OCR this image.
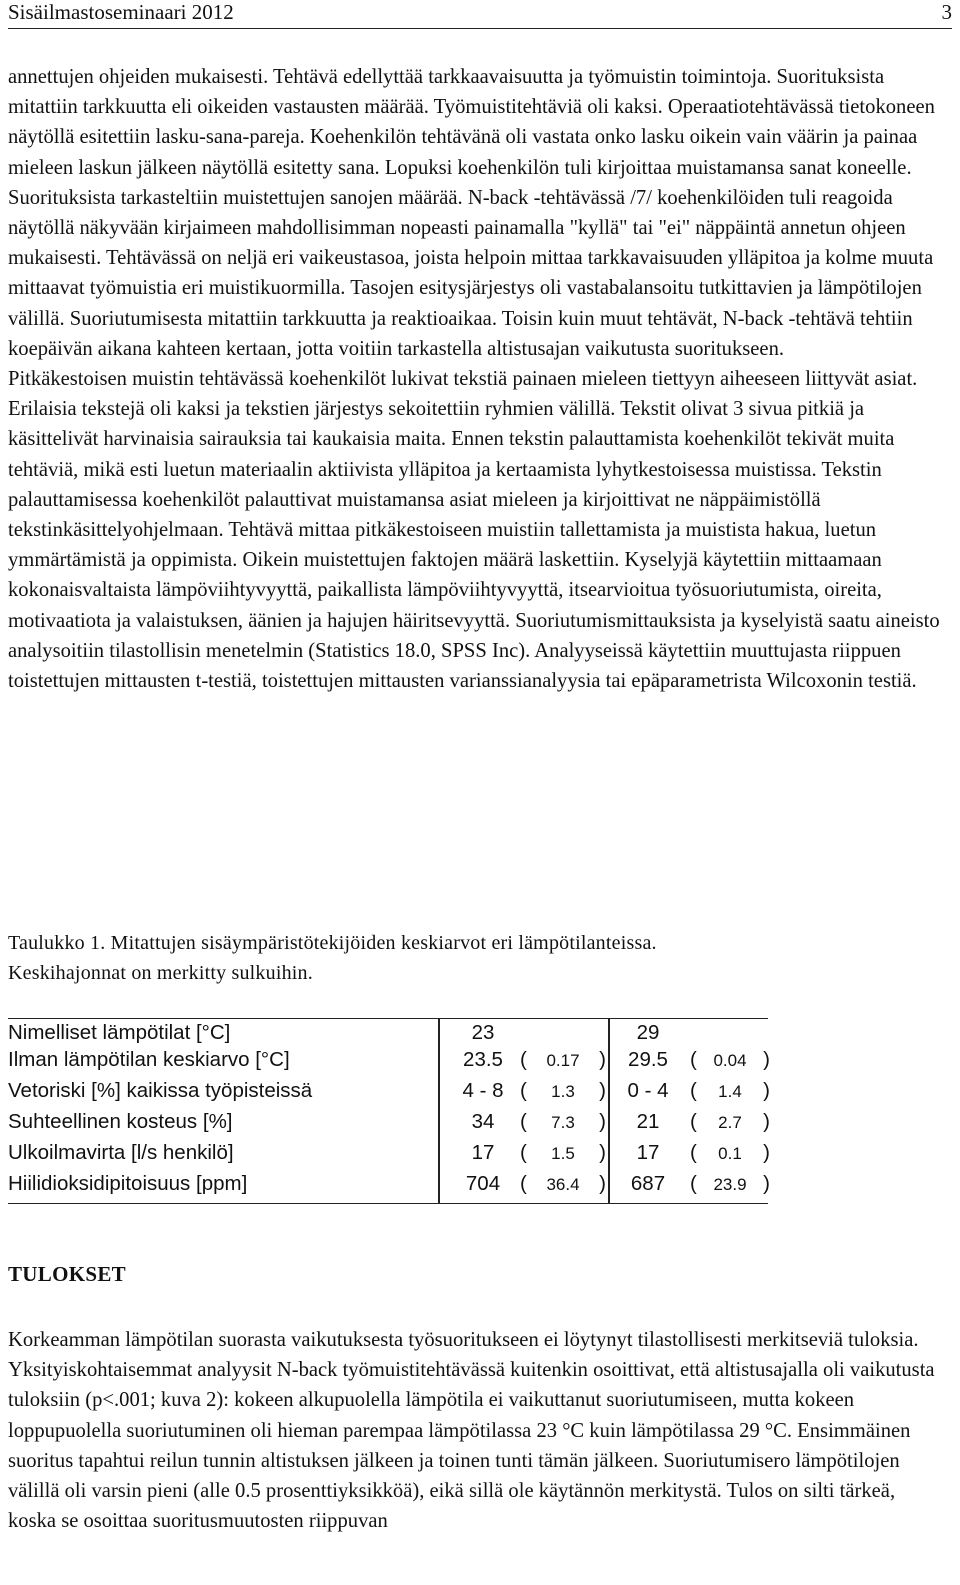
Sisäilmastoseminaari 2012	3

annettujen ohjeiden mukaisesti. Tehtävä edellyttää tarkkaavaisuutta ja työmuistin toimintoja. Suorituksista mitattiin tarkkuutta eli oikeiden vastausten määrää. Työmuistitehtäviä oli kaksi. Operaatiotehtävässä tietokoneen näytöllä esitettiin lasku-sana-pareja. Koehenkilön tehtävänä oli vastata onko lasku oikein vain väärin ja painaa mieleen laskun jälkeen näytöllä esitetty sana. Lopuksi koehenkilön tuli kirjoittaa muistamansa sanat koneelle. Suorituksista tarkasteltiin muistettujen sanojen määrää. N-back -tehtävässä /7/ koehenkilöiden tuli reagoida näytöllä näkyvään kirjaimeen mahdollisimman nopeasti painamalla "kyllä" tai "ei" näppäintä annetun ohjeen mukaisesti. Tehtävässä on neljä eri vaikeustasoa, joista helpoin mittaa tarkkavaisuuden ylläpitoa ja kolme muuta mittaavat työmuistia eri muistikuormilla. Tasojen esitysjärjestys oli vastabalansoitu tutkittavien ja lämpötilojen välillä. Suoriutumisesta mitattiin tarkkuutta ja reaktioaikaa. Toisin kuin muut tehtävät, N-back -tehtävä tehtiin koepäivän aikana kahteen kertaan, jotta voitiin tarkastella altistusajan vaikutusta suoritukseen.

Pitkäkestoisen muistin tehtävässä koehenkilöt lukivat tekstiä painaen mieleen tiettyyn aiheeseen liittyvät asiat. Erilaisia tekstejä oli kaksi ja tekstien järjestys sekoitettiin ryhmien välillä. Tekstit olivat 3 sivua pitkiä ja käsittelivät harvinaisia sairauksia tai kaukaisia maita. Ennen tekstin palauttamista koehenkilöt tekivät muita tehtäviä, mikä esti luetun materiaalin aktiivista ylläpitoa ja kertaamista lyhytkestoisessa muistissa. Tekstin palauttamisessa koehenkilöt palauttivat muistamansa asiat mieleen ja kirjoittivat ne näppäimistöllä tekstinkäsittelyohjelmaan. Tehtävä mittaa pitkäkestoiseen muistiin tallettamista ja muistista hakua, luetun ymmärtämistä ja oppimista. Oikein muistettujen faktojen määrä laskettiin. Kyselyjä käytettiin mittaamaan kokonaisvaltaista lämpöviihtyvyyttä, paikallista lämpöviihtyvyyttä, itsearvioitua työsuoriutumista, oireita, motivaatiota ja valaistuksen, äänien ja hajujen häiritsevyyttä. Suoriutumismittauksista ja kyselyistä saatu aineisto analysoitiin tilastollisin menetelmin (Statistics 18.0, SPSS Inc). Analyyseissä käytettiin muuttujasta riippuen toistettujen mittausten t-testiä, toistettujen mittausten varianssianalyysia tai epäparametrista Wilcoxonin testiä.

Taulukko 1. Mitattujen sisäympäristötekijöiden keskiarvot eri lämpötilanteissa.
Keskihajonnat on merkitty sulkuihin.
Nimelliset lämpötilat [°C]	23	29
Ilman lämpötilan keskiarvo [°C]	23.5 ( 0.17 )	29.5	( 0.04 )
Vetoriski [%] kaikissa työpisteissä	4 - 8 ( 1.3 )	0 - 4	( 1.4 )
Suhteellinen kosteus [%]	34	( 7.3 )	21	( 2.7 )
Ulkoilmavirta [l/s henkilö]	17	( 1.5 )	17	( 0.1 )
Hiilidioksidipitoisuus [ppm]	704 ( 36.4 )	687	( 23.9 )
TULOKSET

Korkeamman lämpötilan suorasta vaikutuksesta työsuoritukseen ei löytynyt tilastollisesti merkitseviä tuloksia. Yksityiskohtaisemmat analyysit N-back työmuistitehtävässä kuitenkin osoittivat, että altistusajalla oli vaikutusta tuloksiin (p<.001; kuva 2): kokeen alkupuolella lämpötila ei vaikuttanut suoriutumiseen, mutta kokeen loppupuolella suoriutuminen oli hieman parempaa lämpötilassa 23 °C kuin lämpötilassa 29 °C. Ensimmäinen suoritus tapahtui reilun tunnin altistuksen jälkeen ja toinen tunti tämän jälkeen. Suoriutumisero lämpötilojen välillä oli varsin pieni (alle 0.5 prosenttiyksikköä), eikä sillä ole käytännön merkitystä. Tulos on silti tärkeä, koska se osoittaa suoritusmuutosten riippuvan
